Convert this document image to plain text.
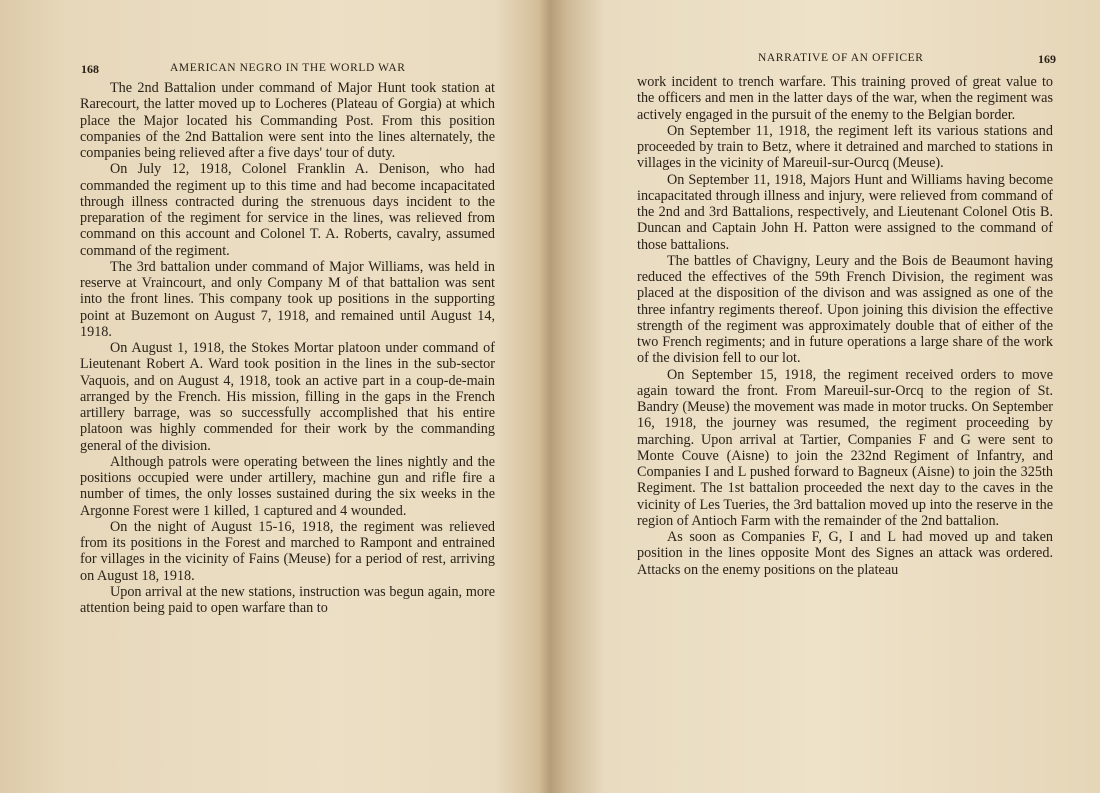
168	AMERICAN NEGRO IN THE WORLD WAR

The 2nd Battalion under command of Major Hunt took station at Rarecourt, the latter moved up to Locheres (Plateau of Gorgia) at which place the Major located his Commanding Post. From this position companies of the 2nd Battalion were sent into the lines alternately, the companies being relieved after a five days' tour of duty.

On July 12, 1918, Colonel Franklin A. Denison, who had commanded the regiment up to this time and had become incapacitated through illness contracted during the strenuous days incident to the preparation of the regiment for service in the lines, was relieved from command on this account and Colonel T. A. Roberts, cavalry, assumed command of the regiment.

The 3rd battalion under command of Major Williams, was held in reserve at Vraincourt, and only Company M of that battalion was sent into the front lines. This company took up positions in the supporting point at Buzemont on August 7, 1918, and remained until August 14, 1918.

On August 1, 1918, the Stokes Mortar platoon under command of Lieutenant Robert A. Ward took position in the lines in the sub-sector Vaquois, and on August 4, 1918, took an active part in a coup-de-main arranged by the French. His mission, filling in the gaps in the French artillery barrage, was so successfully accomplished that his entire platoon was highly commended for their work by the commanding general of the division.

Although patrols were operating between the lines nightly and the positions occupied were under artillery, machine gun and rifle fire a number of times, the only losses sustained during the six weeks in the Argonne Forest were 1 killed, 1 captured and 4 wounded.

On the night of August 15-16, 1918, the regiment was relieved from its positions in the Forest and marched to Rampont and entrained for villages in the vicinity of Fains (Meuse) for a period of rest, arriving on August 18, 1918.

Upon arrival at the new stations, instruction was begun again, more attention being paid to open warfare than to

NARRATIVE OF AN OFFICER	169

work incident to trench warfare. This training proved of great value to the officers and men in the latter days of the war, when the regiment was actively engaged in the pursuit of the enemy to the Belgian border.

On September 11, 1918, the regiment left its various stations and proceeded by train to Betz, where it detrained and marched to stations in villages in the vicinity of Mareuil-sur-Ourcq (Meuse).

On September 11, 1918, Majors Hunt and Williams having become incapacitated through illness and injury, were relieved from command of the 2nd and 3rd Battalions, respectively, and Lieutenant Colonel Otis B. Duncan and Captain John H. Patton were assigned to the command of those battalions.

The battles of Chavigny, Leury and the Bois de Beaumont having reduced the effectives of the 59th French Division, the regiment was placed at the disposition of the divison and was assigned as one of the three infantry regiments thereof. Upon joining this division the effective strength of the regiment was approximately double that of either of the two French regiments; and in future operations a large share of the work of the division fell to our lot.

On September 15, 1918, the regiment received orders to move again toward the front. From Mareuil-sur-Orcq to the region of St. Bandry (Meuse) the movement was made in motor trucks. On September 16, 1918, the journey was resumed, the regiment proceeding by marching. Upon arrival at Tartier, Companies F and G were sent to Monte Couve (Aisne) to join the 232nd Regiment of Infantry, and Companies I and L pushed forward to Bagneux (Aisne) to join the 325th Regiment. The 1st battalion proceeded the next day to the caves in the vicinity of Les Tueries, the 3rd battalion moved up into the reserve in the region of Antioch Farm with the remainder of the 2nd battalion.

As soon as Companies F, G, I and L had moved up and taken position in the lines opposite Mont des Signes an attack was ordered. Attacks on the enemy positions on the plateau
